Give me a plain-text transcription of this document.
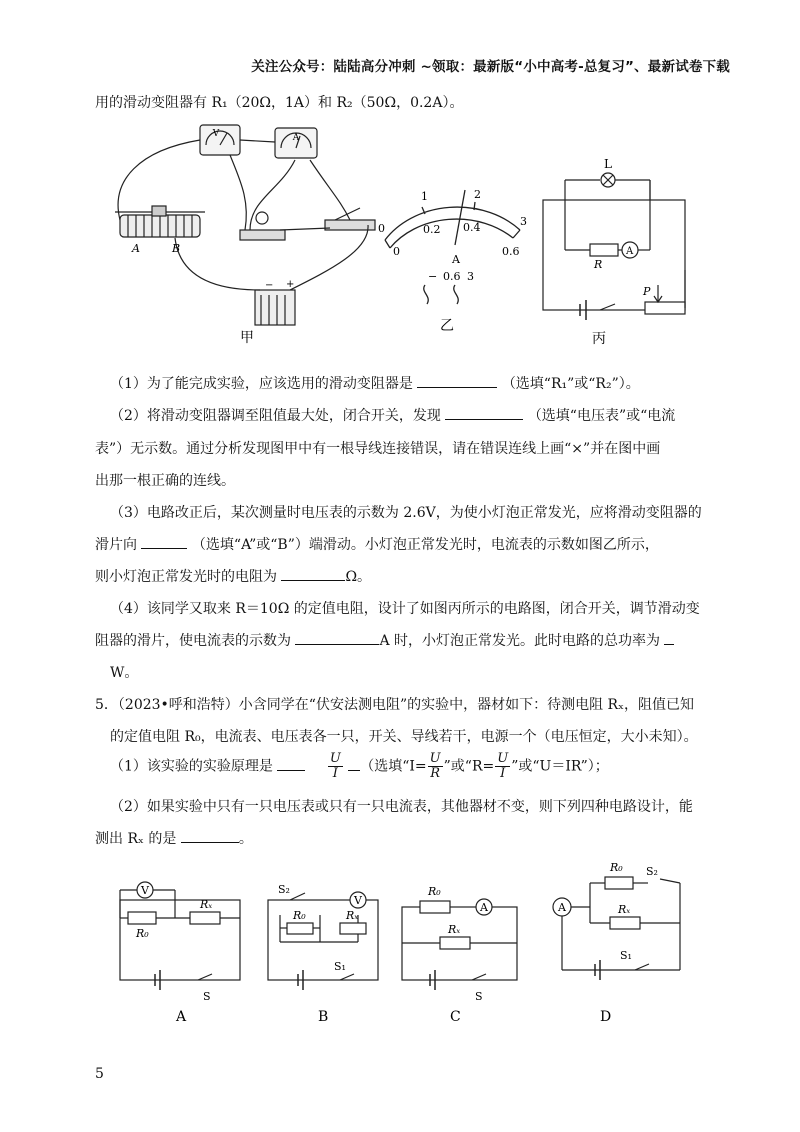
关注公众号：陆陆高分冲刺 ~领取：最新版“小中高考-总复习”、最新试卷下载
用的滑动变阻器有 R₁（20Ω，1A）和 R₂（50Ω，0.2A）。
A	B
V	A
− +
甲
0
1	2
3
0
0.2 0.4
0.6
A
− 0.6 3
乙
L
R
A
P
丙
（1）为了能完成实验，应该选用的滑动变阻器是	（选填“R₁”或“R₂”）。
（2）将滑动变阻器调至阻值最大处，闭合开关，发现	（选填“电压表”或“电流
表”）无示数。通过分析发现图甲中有一根导线连接错误，请在错误连线上画“×”并在图中画
出那一根正确的连线。
（3）电路改正后，某次测量时电压表的示数为 2.6V，为使小灯泡正常发光，应将滑动变阻器的
滑片向	（选填“A”或“B”）端滑动。小灯泡正常发光时，电流表的示数如图乙所示，
则小灯泡正常发光时的电阻为	Ω。
（4）该同学又取来 R＝10Ω 的定值电阻，设计了如图丙所示的电路图，闭合开关，调节滑动变
阻器的滑片，使电流表的示数为	A 时，小灯泡正常发光。此时电路的总功率为
W。
5．（2023•呼和浩特）小含同学在“伏安法测电阻”的实验中，器材如下：待测电阻 Rₓ，阻值已知
的定值电阻 R₀，电流表、电压表各一只，开关、导线若干，电源一个（电压恒定，大小未知）。
（1）该实验的实验原理是	$\frac{U}{I}$ （选填“$I= \frac{U}{R}$ ”或“$R= \frac{U}{I}$ ”或“U＝IR”）；
（2）如果实验中只有一只电压表或只有一只电流表，其他器材不变，则下列四种电路设计，能
测出 Rₓ 的是	。
V
R₀
Rₓ
S
S₂
V
R₀	Rₓ
S₁
R₀
A
Rₓ
S
A
R₀ S₂
Rₓ
S₁
A	B	C	D
5
